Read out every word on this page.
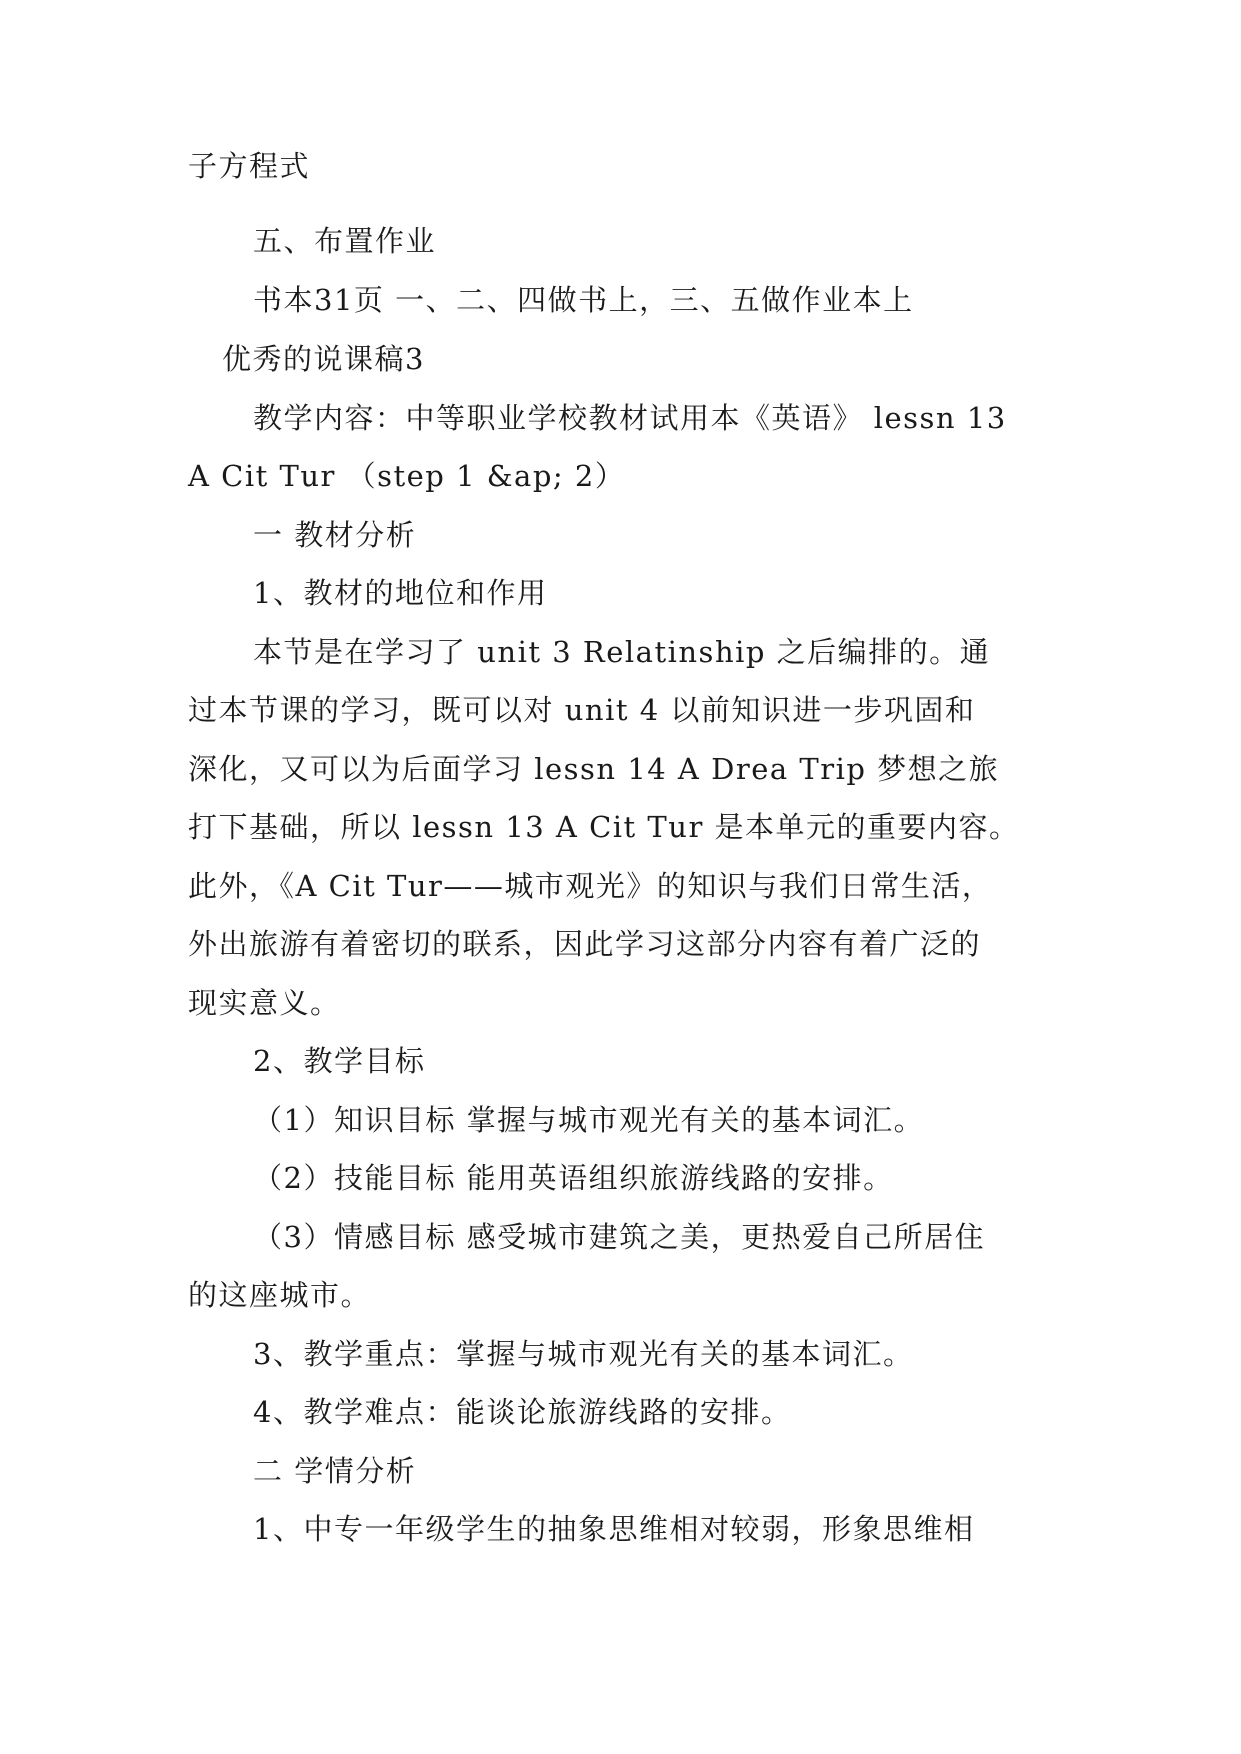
子方程式
五、布置作业
书本31页 一、二、四做书上，三、五做作业本上
优秀的说课稿3
教学内容：中等职业学校教材试用本《英语》 lessn 13
A Cit Tur （step 1 &ap; 2）
一 教材分析
1、教材的地位和作用
本节是在学习了 unit 3 Relatinship 之后编排的。通
过本节课的学习，既可以对 unit 4 以前知识进一步巩固和
深化，又可以为后面学习 lessn 14 A Drea Trip 梦想之旅
打下基础，所以 lessn 13 A Cit Tur 是本单元的重要内容。
此外，《A Cit Tur——城市观光》的知识与我们日常生活，
外出旅游有着密切的联系，因此学习这部分内容有着广泛的
现实意义。
2、教学目标
（1）知识目标 掌握与城市观光有关的基本词汇。
（2）技能目标 能用英语组织旅游线路的安排。
（3）情感目标 感受城市建筑之美，更热爱自己所居住
的这座城市。
3、教学重点：掌握与城市观光有关的基本词汇。
4、教学难点：能谈论旅游线路的安排。
二 学情分析
1、中专一年级学生的抽象思维相对较弱，形象思维相
